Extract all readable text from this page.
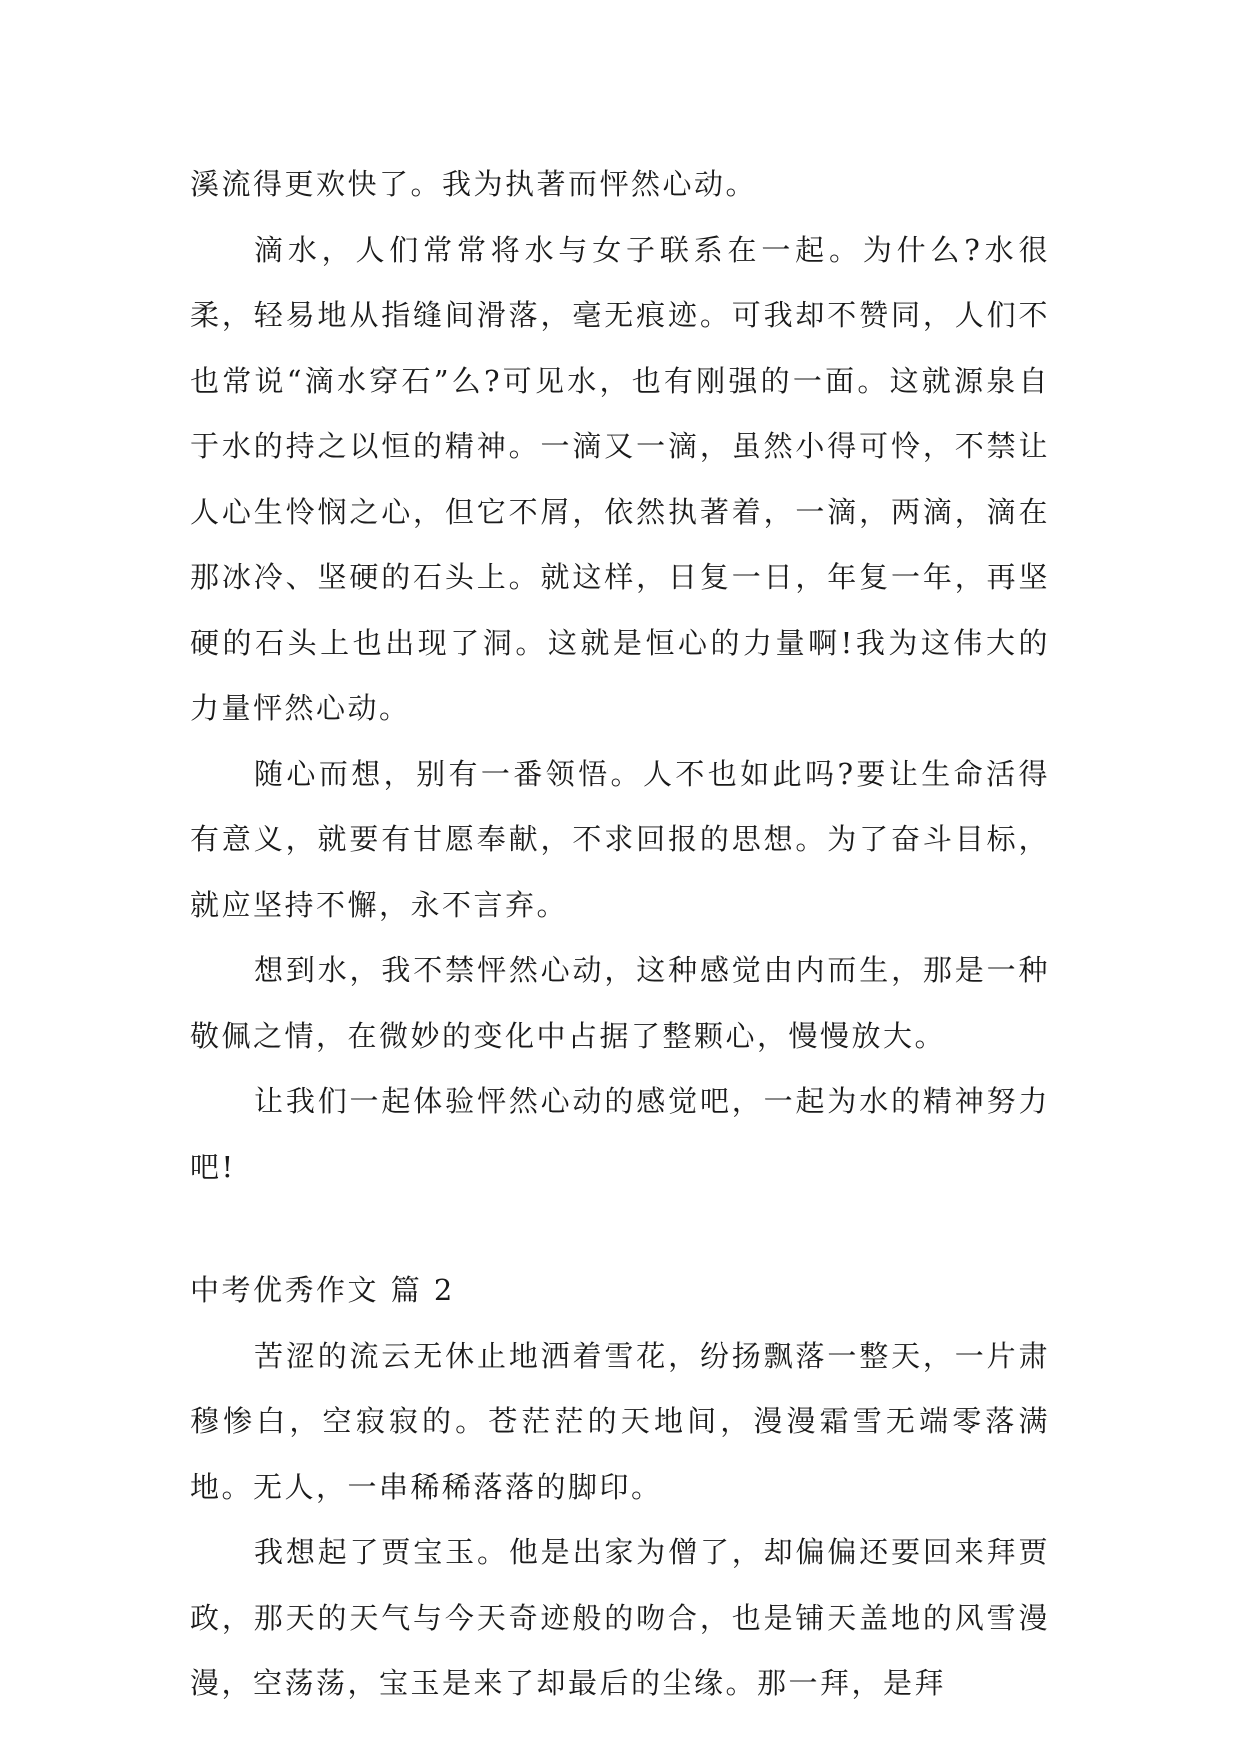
溪流得更欢快了。我为执著而怦然心动。

滴水，人们常常将水与女子联系在一起。为什么?水很柔，轻易地从指缝间滑落，毫无痕迹。可我却不赞同，人们不也常说“滴水穿石”么?可见水，也有刚强的一面。这就源泉自于水的持之以恒的精神。一滴又一滴，虽然小得可怜，不禁让人心生怜悯之心，但它不屑，依然执著着，一滴，两滴，滴在那冰冷、坚硬的石头上。就这样，日复一日，年复一年，再坚硬的石头上也出现了洞。这就是恒心的力量啊!我为这伟大的力量怦然心动。

随心而想，别有一番领悟。人不也如此吗?要让生命活得有意义，就要有甘愿奉献，不求回报的思想。为了奋斗目标，就应坚持不懈，永不言弃。

想到水，我不禁怦然心动，这种感觉由内而生，那是一种敬佩之情，在微妙的变化中占据了整颗心，慢慢放大。

让我们一起体验怦然心动的感觉吧，一起为水的精神努力吧!

中考优秀作文 篇 2

苦涩的流云无休止地洒着雪花，纷扬飘落一整天，一片肃穆惨白，空寂寂的。苍茫茫的天地间，漫漫霜雪无端零落满地。无人，一串稀稀落落的脚印。

我想起了贾宝玉。他是出家为僧了，却偏偏还要回来拜贾政，那天的天气与今天奇迹般的吻合，也是铺天盖地的风雪漫漫，空荡荡，宝玉是来了却最后的尘缘。那一拜，是拜
